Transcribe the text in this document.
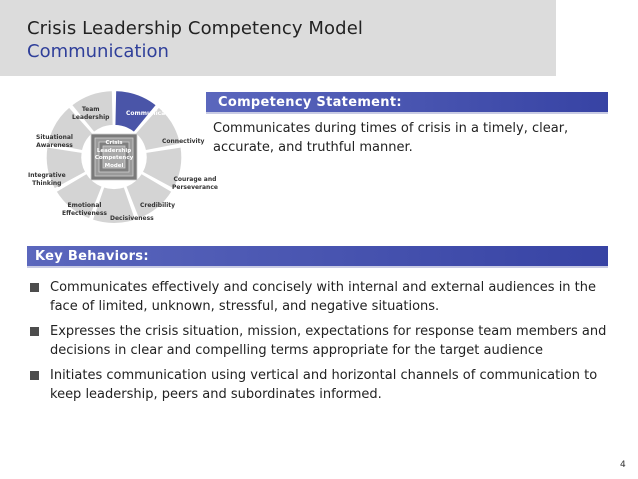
Crisis Leadership Competency Model
Communication
Communication
Connectivity
Courage and
Perseverance
Credibility
Decisiveness
Emotional
Effectiveness
Integrative
Thinking
Situational
Awareness
Team
Leadership
Crisis
Leadership
Competency
Model
Competency Statement:
Communicates during times of crisis in a timely, clear, accurate, and truthful manner.
Key Behaviors:
Communicates effectively and concisely with internal and external audiences in the face of limited, unknown, stressful, and negative situations.
Expresses the crisis situation, mission, expectations for response team members and decisions in clear and compelling terms appropriate for the target audience
Initiates communication using vertical and horizontal channels of communication to keep leadership, peers and subordinates informed.
4
